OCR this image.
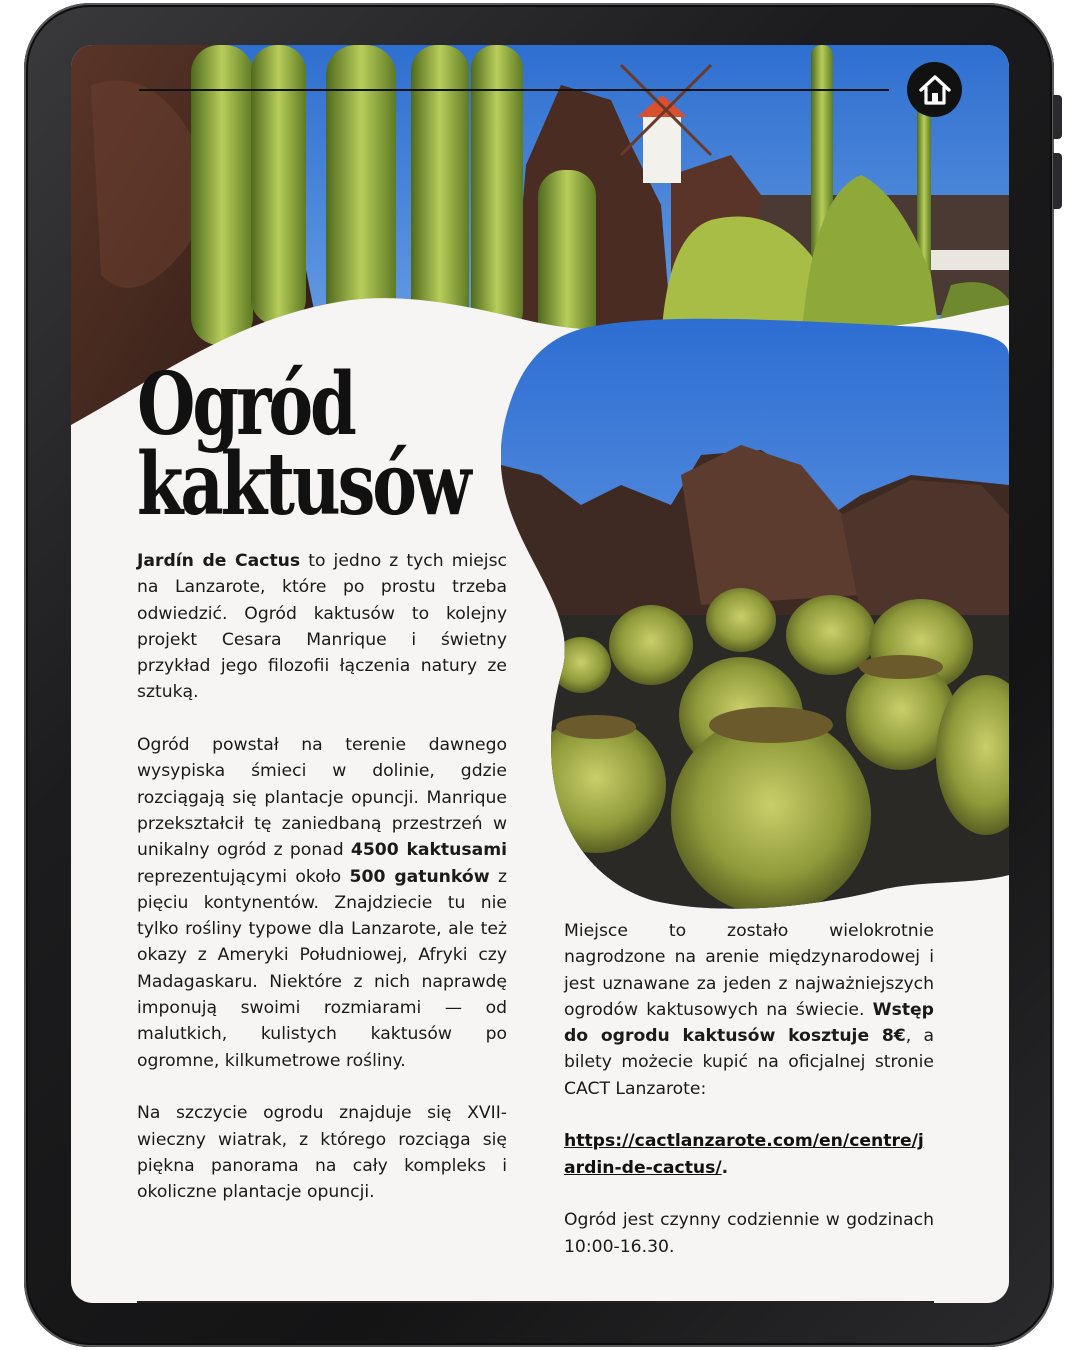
Ogród
kaktusów

Jardín de Cactus to jedno z tych miejsc na Lanzarote, które po prostu trzeba odwiedzić. Ogród kaktusów to kolejny projekt Cesara Manrique i świetny przykład jego filozofii łączenia natury ze sztuką.

Ogród powstał na terenie dawnego wysypiska śmieci w dolinie, gdzie rozciągają się plantacje opuncji. Manrique przekształcił tę zaniedbaną przestrzeń w unikalny ogród z ponad 4500 kaktusami reprezentującymi około 500 gatunków z pięciu kontynentów. Znajdziecie tu nie tylko rośliny typowe dla Lanzarote, ale też okazy z Ameryki Południowej, Afryki czy Madagaskaru. Niektóre z nich naprawdę imponują swoimi rozmiarami — od malutkich, kulistych kaktusów po ogromne, kilkumetrowe rośliny.

Na szczycie ogrodu znajduje się XVII-wieczny wiatrak, z którego rozciąga się piękna panorama na cały kompleks i okoliczne plantacje opuncji.

Miejsce to zostało wielokrotnie nagrodzone na arenie międzynarodowej i jest uznawane za jeden z najważniejszych ogrodów kaktusowych na świecie. Wstęp do ogrodu kaktusów kosztuje 8€, a bilety możecie kupić na oficjalnej stronie CACT Lanzarote:

https://cactlanzarote.com/en/centre/jardin-de-cactus/.

Ogród jest czynny codziennie w godzinach 10:00-16.30.
